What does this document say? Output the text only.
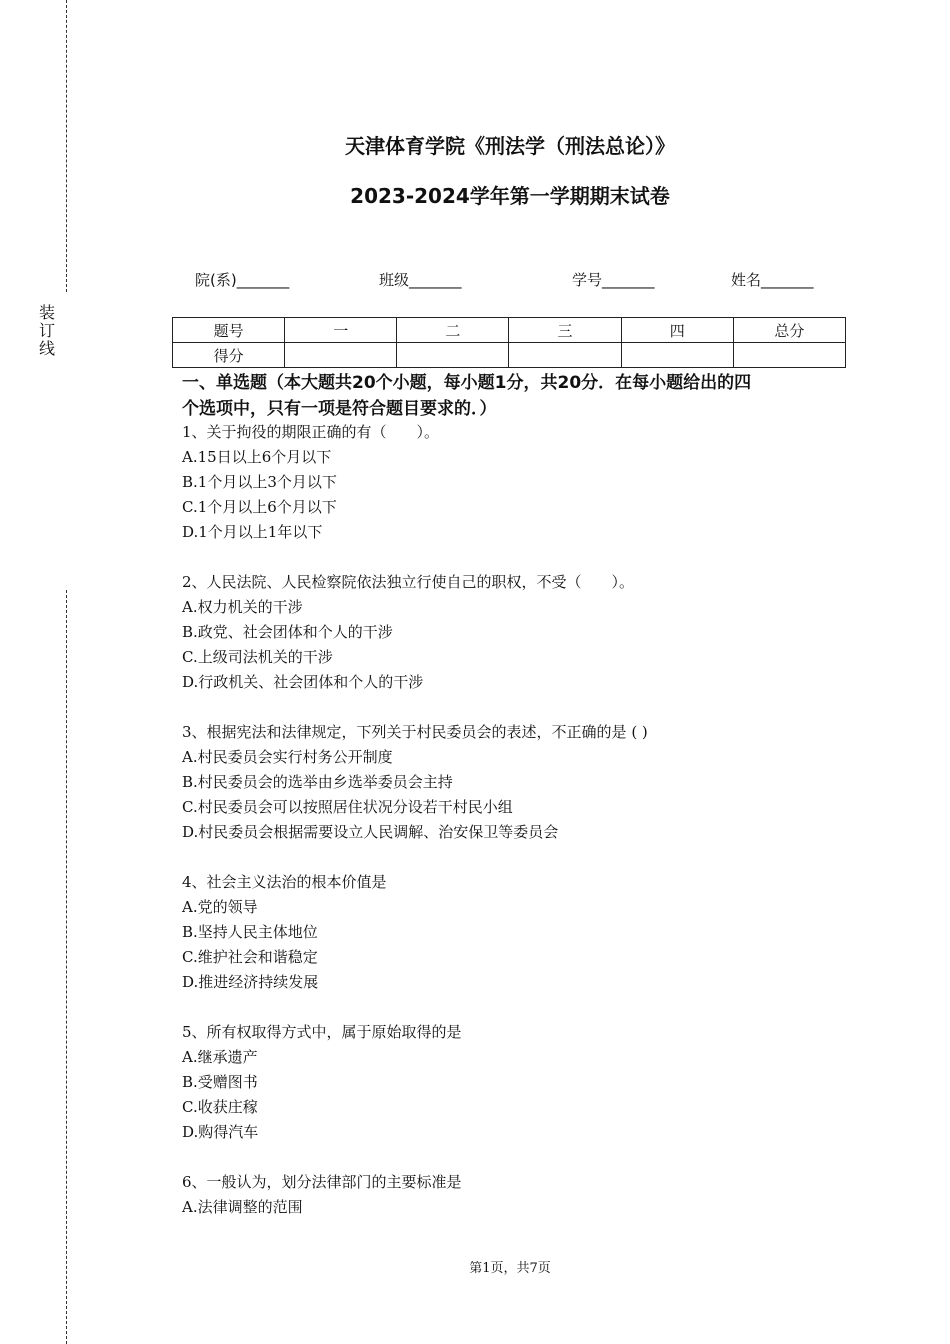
装
订
线
天津体育学院《刑法学（刑法总论）》
2023-2024学年第一学期期末试卷
院(系)_______	班级_______	学号_______	姓名_______
题号	一	二	三	四	总分
得分					
一、单选题（本大题共20个小题，每小题1分，共20分．在每小题给出的四
个选项中，只有一项是符合题目要求的．）

1、关于拘役的期限正确的有（　　）。

A.15日以上6个月以下

B.1个月以上3个月以下

C.1个月以上6个月以下

D.1个月以上1年以下

2、人民法院、人民检察院依法独立行使自己的职权，不受（　　）。

A.权力机关的干涉

B.政党、社会团体和个人的干涉

C.上级司法机关的干涉

D.行政机关、社会团体和个人的干涉

3、根据宪法和法律规定，下列关于村民委员会的表述，不正确的是 ( )

A.村民委员会实行村务公开制度

B.村民委员会的选举由乡选举委员会主持

C.村民委员会可以按照居住状况分设若干村民小组

D.村民委员会根据需要设立人民调解、治安保卫等委员会

4、社会主义法治的根本价值是

A.党的领导

B.坚持人民主体地位

C.维护社会和谐稳定

D.推进经济持续发展

5、所有权取得方式中，属于原始取得的是

A.继承遗产

B.受赠图书

C.收获庄稼

D.购得汽车

6、一般认为，划分法律部门的主要标准是

A.法律调整的范围

第1页，共7页
